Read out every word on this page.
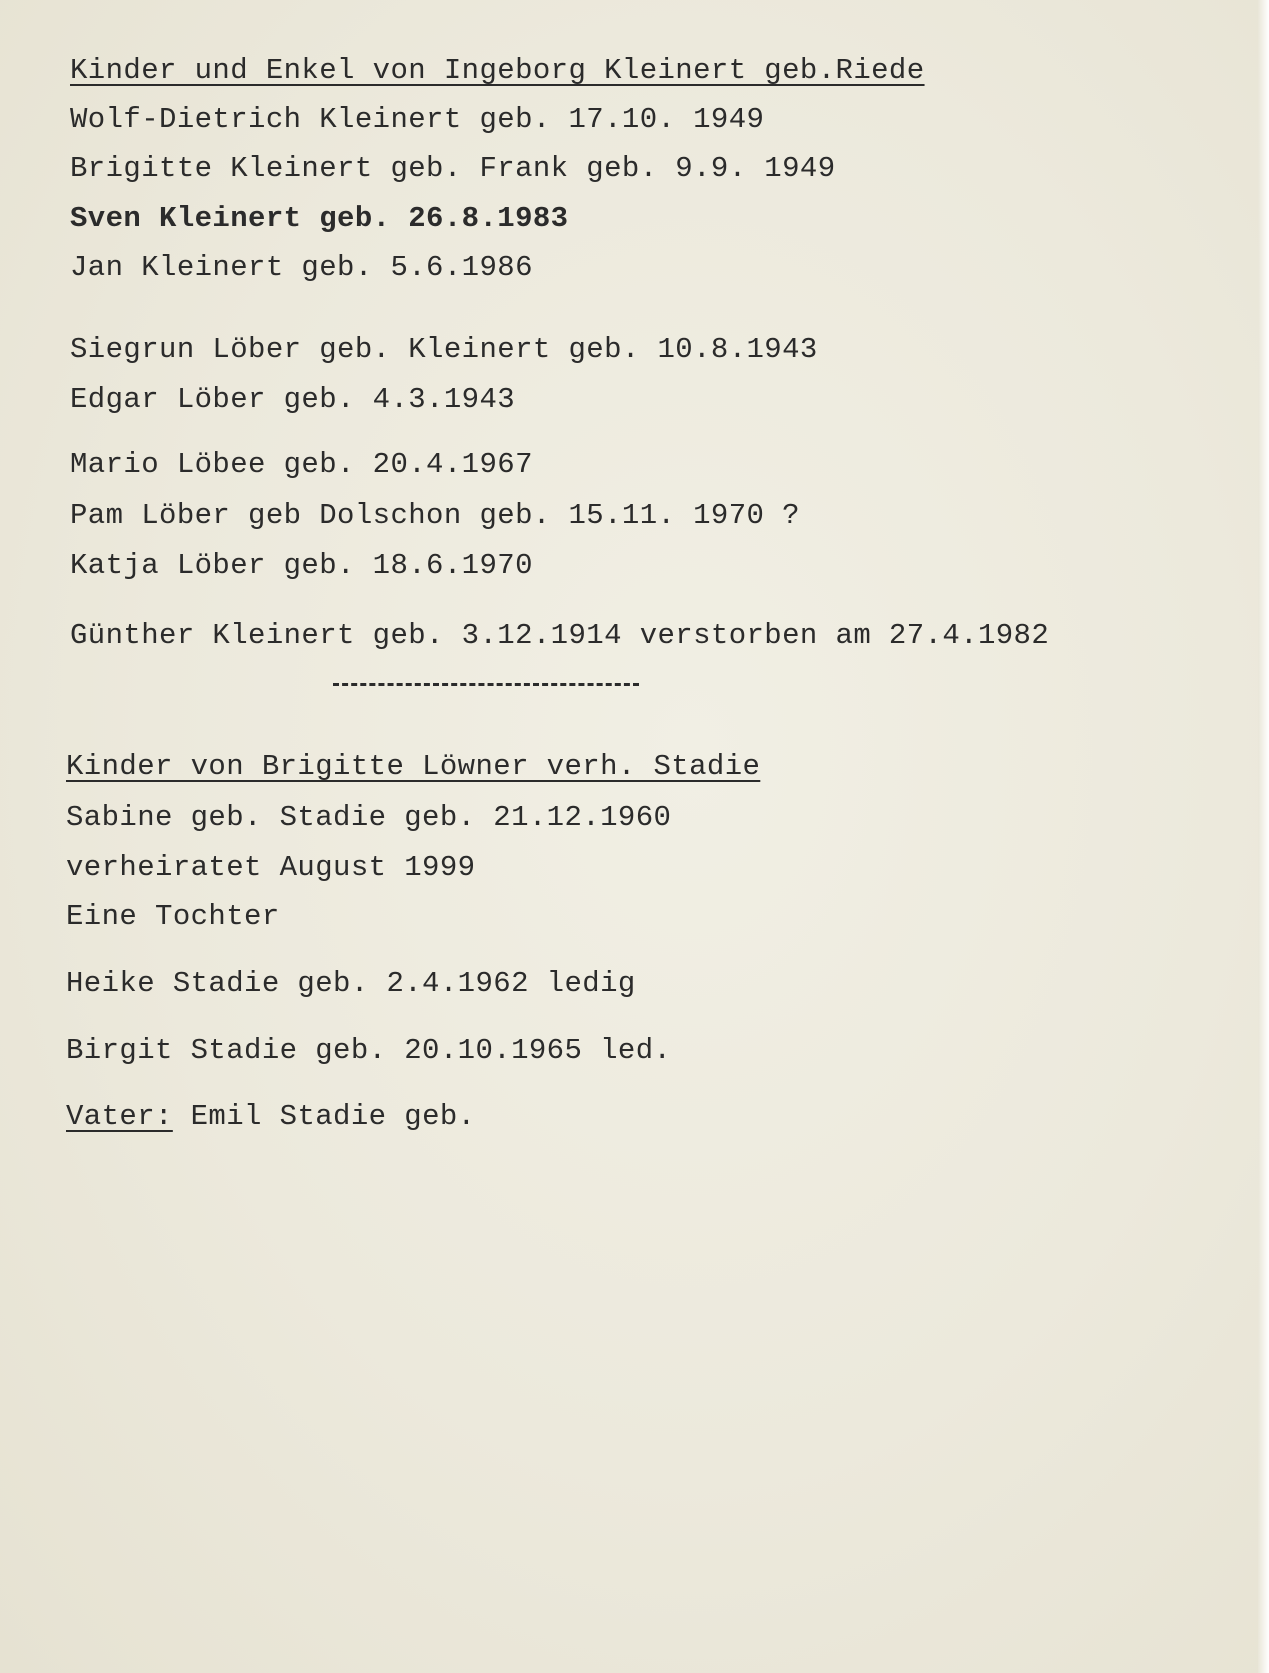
Kinder und Enkel von Ingeborg Kleinert geb.Riede
Wolf-Dietrich Kleinert geb. 17.10. 1949
Brigitte Kleinert geb. Frank geb. 9.9. 1949
Sven Kleinert geb. 26.8.1983
Jan Kleinert geb. 5.6.1986
Siegrun Löber geb. Kleinert geb. 10.8.1943
Edgar Löber geb. 4.3.1943
Mario Löbee geb. 20.4.1967
Pam Löber geb Dolschon geb. 15.11. 1970 ?
Katja Löber geb. 18.6.1970
Günther Kleinert geb. 3.12.1914 verstorben am 27.4.1982
Kinder von Brigitte Löwner verh. Stadie
Sabine geb. Stadie geb. 21.12.1960
verheiratet August 1999
Eine Tochter
Heike Stadie geb. 2.4.1962 ledig
Birgit Stadie geb. 20.10.1965 led.
Vater: Emil Stadie geb.
